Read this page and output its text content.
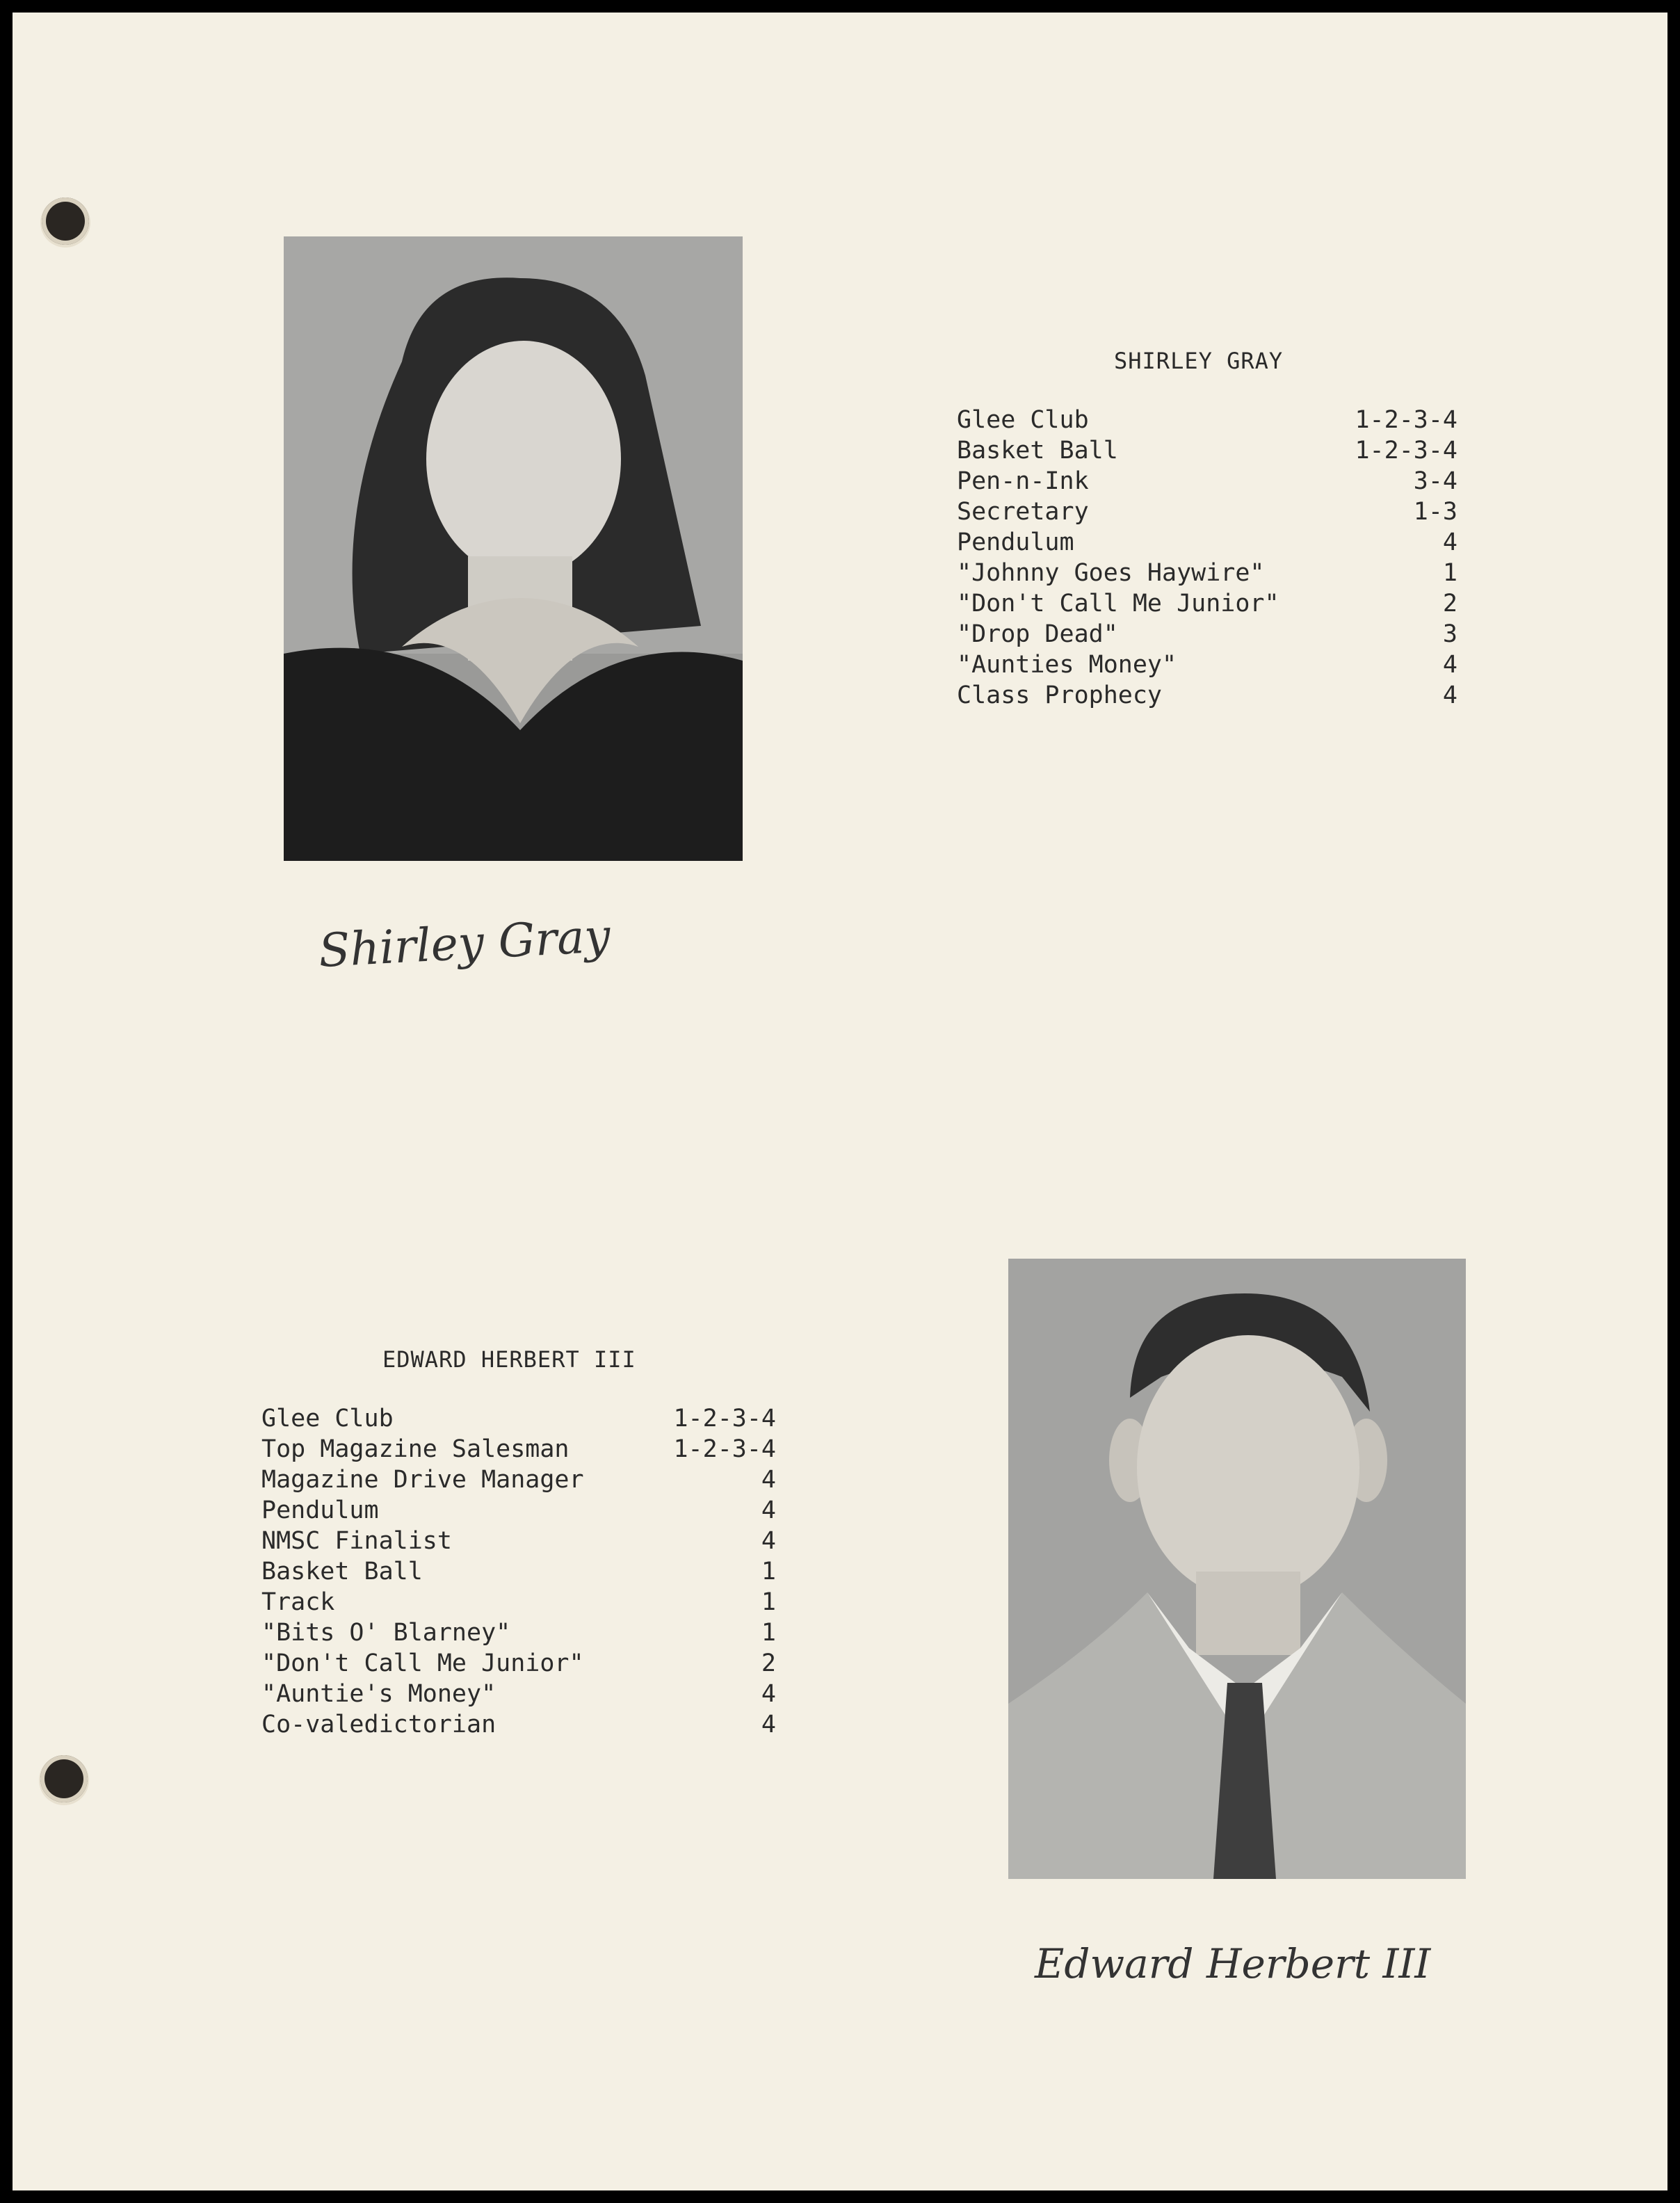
Shirley Gray
SHIRLEY GRAY
Glee Club	1-2-3-4
Basket Ball	1-2-3-4
Pen-n-Ink	3-4
Secretary	1-3
Pendulum	4
"Johnny Goes Haywire"	1
"Don't Call Me Junior"	2
"Drop Dead"	3
"Aunties Money"	4
Class Prophecy	4
EDWARD HERBERT III
Glee Club	1-2-3-4
Top Magazine Salesman	1-2-3-4
Magazine Drive Manager	4
Pendulum	4
NMSC Finalist	4
Basket Ball	1
Track	1
"Bits O' Blarney"	1
"Don't Call Me Junior"	2
"Auntie's Money"	4
Co-valedictorian	4
Edward Herbert III
